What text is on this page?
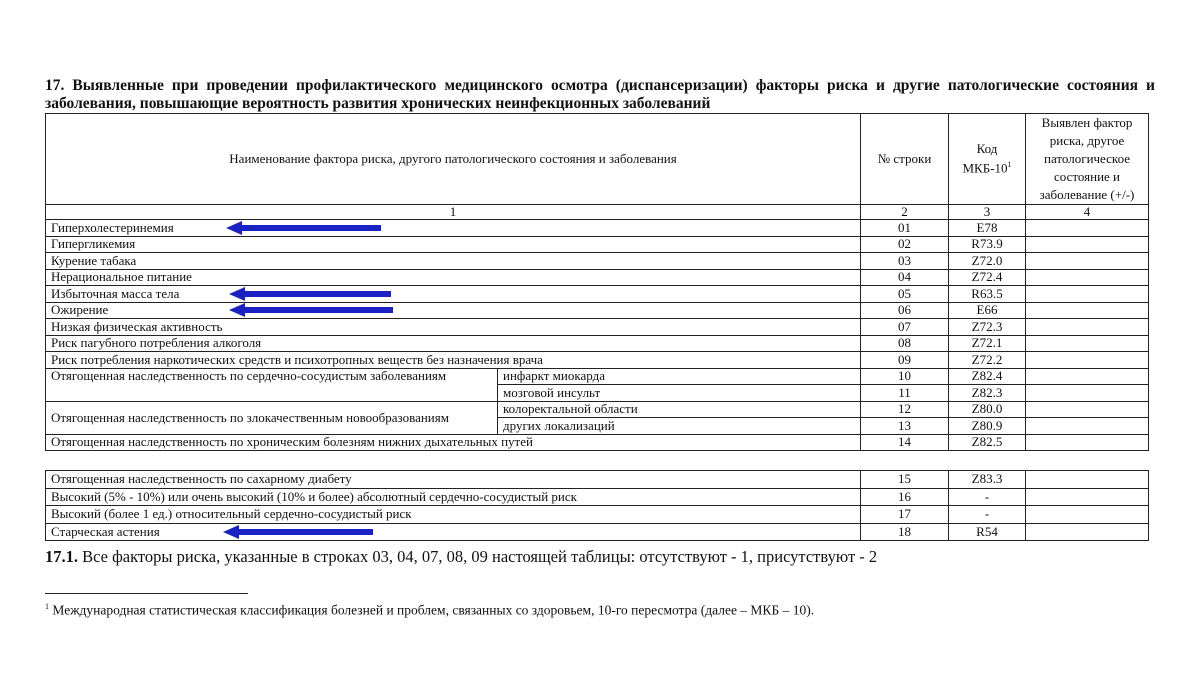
17. Выявленные при проведении профилактического медицинского осмотра (диспансеризации) факторы риска и другие патологические состояния и заболевания, повышающие вероятность развития хронических неинфекционных заболеваний
Наименование фактора риска, другого патологического состояния и заболевания		№ строки	Код МКБ-$10^1$	Выявлен фактор риска, другое патологическое состояние и заболевание (+/-)
1		2	3	4
Гиперхолестеринемия		01	E78	
Гипергликемия		02	R73.9	
Курение табака		03	Z72.0	
Нерациональное питание		04	Z72.4	
Избыточная масса тела		05	R63.5	
Ожирение		06	E66	
Низкая физическая активность		07	Z72.3	
Риск пагубного потребления алкоголя		08	Z72.1	
Риск потребления наркотических средств и психотропных веществ без назначения врача		09	Z72.2	
Отягощенная наследственность по сердечно-сосудистым заболеваниям	инфаркт миокарда	10	Z82.4	
	мозговой инсульт	11	Z82.3	
Отягощенная наследственность по злокачественным новообразованиям	колоректальной области	12	Z80.0	
	других локализаций	13	Z80.9	
Отягощенная наследственность по хроническим болезням нижних дыхательных путей		14	Z82.5	
Отягощенная наследственность по сахарному диабету	15	Z83.3	
Высокий (5% - 10%) или очень высокий (10% и более) абсолютный сердечно-сосудистый риск	16	-	
Высокий (более 1 ед.) относительный сердечно-сосудистый риск	17	-	
Старческая астения	18	R54	
17.1. Все факторы риска, указанные в строках 03, 04, 07, 08, 09 настоящей таблицы: отсутствуют - 1, присутствуют - 2
$^1$ Международная статистическая классификация болезней и проблем, связанных со здоровьем, 10-го пересмотра (далее – МКБ – 10).
